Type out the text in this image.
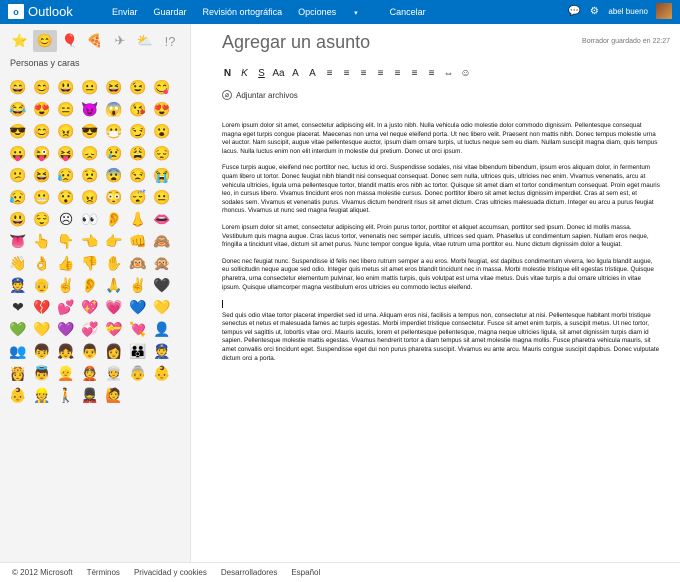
o Outlook	Enviar Guardar Revisión ortográfica Opciones	▾	Cancelar	💬 ⚙ abel bueno
⭐ 😊 🎈 🍕 ✈ ⛅ !?
Personas y caras
😄 😊 😃 😐 😆 😉 😋
😂 😍 😑 😈 😱 😘 😍
😎 😊 😠 😎 😷 😏 😮
😛 😜 😝 😞 😢 😩 😔
😕 😆 😥 😟 😨 😒 😭
😥 😬 😯 😠 😳 😴 😐
😃 😌 ☹ 👀 👂 👃 👄
👅 👆 👇 👈 👉 👊 🙈
👋 👌 👍 👎 ✋ 🙉 🙊
👮 👴 ✌ 👂 🙏 ✌ 🖤
❤ 💔 💕 💖 💗 💙 💛
💚 💛 💜 💞 💝 💘 👤
👥 👦 👧 👨 👩 👪 👮
👸 👼 👱 👲 👳 👵 👶
👶 👷 🚶 💂 🙋
Agregar un asunto	Borrador guardado en 22:27
N	K	S Aa A	A	≡	≡	≡	≡	≡	≡	≡ ⇔ ☺
⌀ Adjuntar archivos

Lorem ipsum dolor sit amet, consectetur adipiscing elit. In a justo nibh. Nulla vehicula odio molestie dolor commodo dignissim. Pellentesque consequat magna eget turpis congue placerat. Maecenas non urna vel neque eleifend porta. Ut nec libero velit. Praesent non mattis nibh. Donec tempus molestie urna vel auctor. Nam suscipit, augue vitae pellentesque auctor, ipsum diam ornare turpis, ut luctus neque sem eu diam. Nullam suscipit magna diam, quis tempus lacus. Nulla luctus enim non elit interdum in molestie dui pretium. Donec ut orci ipsum.

Fusce turpis augue, eleifend nec porttitor nec, luctus id orci. Suspendisse sodales, nisi vitae bibendum bibendum, ipsum eros aliquam dolor, in fermentum quam libero ut tortor. Donec feugiat nibh blandit nisi consequat consequat. Donec sem nulla, ultrices quis, ultricies nec enim. Vivamus venenatis, arcu at vehicula ultricies, ligula urna pellentesque tortor, blandit mattis eros nibh ac tortor. Quisque sit amet diam et tortor condimentum consequat. Proin eget mauris leo, in cursus libero. Vivamus tincidunt eros non massa molestie cursus. Donec porttitor libero sit amet lectus dignissim imperdiet. Cras at sem est, et sodales sem. Vivamus et venenatis purus. Vivamus dictum hendrerit risus sit amet dictum. Cras ultricies malesuada dictum. Integer eu arcu a purus feugiat rhoncus. Vivamus ut nunc sed magna feugiat aliquet.

Lorem ipsum dolor sit amet, consectetur adipiscing elit. Proin purus tortor, porttitor et aliquet accumsan, porttitor sed ipsum. Donec id mollis massa. Vestibulum quis magna augue. Cras lacus tortor, venenatis nec semper iaculis, ultrices sed quam. Phasellus ut condimentum sapien. Nullam eros neque, fringilla a tincidunt vitae, dictum sit amet purus. Nunc tempor congue ligula, vitae rutrum urna porttitor eu. Nunc dictum dignissim dolor a feugiat.

Donec nec feugiat nunc. Suspendisse id felis nec libero rutrum semper a eu eros. Morbi feugiat, est dapibus condimentum viverra, leo ligula blandit augue, eu sollicitudin neque augue sed odio. Integer quis metus sit amet eros blandit tincidunt nec in massa. Morbi molestie tristique elit egestas tristique. Quisque pharetra, urna consectetur elementum pulvinar, leo enim mattis turpis, quis volutpat est urna vitae metus. Duis vitae turpis a dui ornare ultricies in vitae ipsum. Quisque ullamcorper magna vestibulum eros ultricies eu commodo lectus eleifend.

Sed quis odio vitae tortor placerat imperdiet sed id urna. Aliquam eros nisi, facilisis a tempus non, consectetur at nisi. Pellentesque habitant morbi tristique senectus et netus et malesuada fames ac turpis egestas. Morbi imperdiet tristique consectetur. Fusce sit amet enim turpis, a suscipit metus. Ut nec tortor, tempus vel sagittis ut, lobortis vitae orci. Mauris iaculis, lorem et pellentesque pellentesque, magna neque ultricies ligula, sit amet dignissim turpis diam id sapien. Pellentesque molestie mattis egestas. Vivamus hendrerit tortor a diam tempus sit amet molestie magna mollis. Fusce pharetra vehicula mauris, sit amet convallis orci tincidunt eget. Suspendisse eget dui non purus pharetra suscipit. Vivamus eu ante arcu. Mauris congue suscipit dapibus. Donec vulputate dictum orci a porta.

© 2012 Microsoft Términos Privacidad y cookies Desarrolladores Español
